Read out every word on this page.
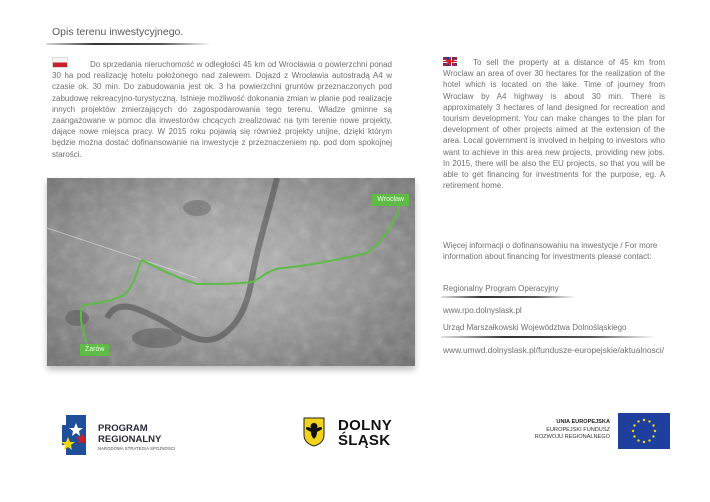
Opis terenu inwestycyjnego.
Do sprzedania nieruchomość w odległości 45 km od Wrocławia o powierzchni ponad 30 ha pod realizację hotelu położonego nad zalewem. Dojazd z Wrocławia autostradą A4 w czasie ok. 30 min. Do zabudowania jest ok. 3 ha powierzchni gruntów przeznaczonych pod zabudowę rekreacyjno-turystyczną. Istnieje możliwość dokonania zmian w planie pod realizacje innych projektów zmierzających do zagospodarowania tego terenu. Władze gminne są zaangażowane w pomoc dla inwestorów chcących zrealizować na tym terenie nowe projekty, dające nowe miejsca pracy. W 2015 roku pojawią się również projekty unijne, dzięki którym będzie można dostać dofinansowanie na inwestycje z przeznaczeniem np. pod dom spokojnej starości.
To sell the property at a distance of 45 km from Wroclaw an area of over 30 hectares for the realization of the hotel which is located on the lake. Time of journey from Wroclaw by A4 highway is about 30 min. There is approximately 3 hectares of land designed for recreation and tourism development. You can make changes to the plan for development of other projects aimed at the extension of the area. Local government is involved in helping to investors who want to achieve in this area new projects, providing new jobs. In 2015, there will be also the EU projects, so that you will be able to get financing for investments for the purpose, eg. A retirement home.
Wrocław
Żarów
Więcej informacji o dofinansowaniu na inwestycje / For more information about financing for investments please contact:
Regionalny Program Operacyjny
www.rpo.dolnyslask.pl
Urząd Marszałkowski Województwa Dolnośląskiego
www.umwd.dolnyslask.pl/fundusze-europejskie/aktualnosci/
PROGRAM
REGIONALNY
NARODOWA STRATEGIA SPÓJNOŚCI
DOLNY
ŚLĄSK
UNIA EUROPEJSKA
EUROPEJSKI FUNDUSZ
ROZWOJU REGIONALNEGO
